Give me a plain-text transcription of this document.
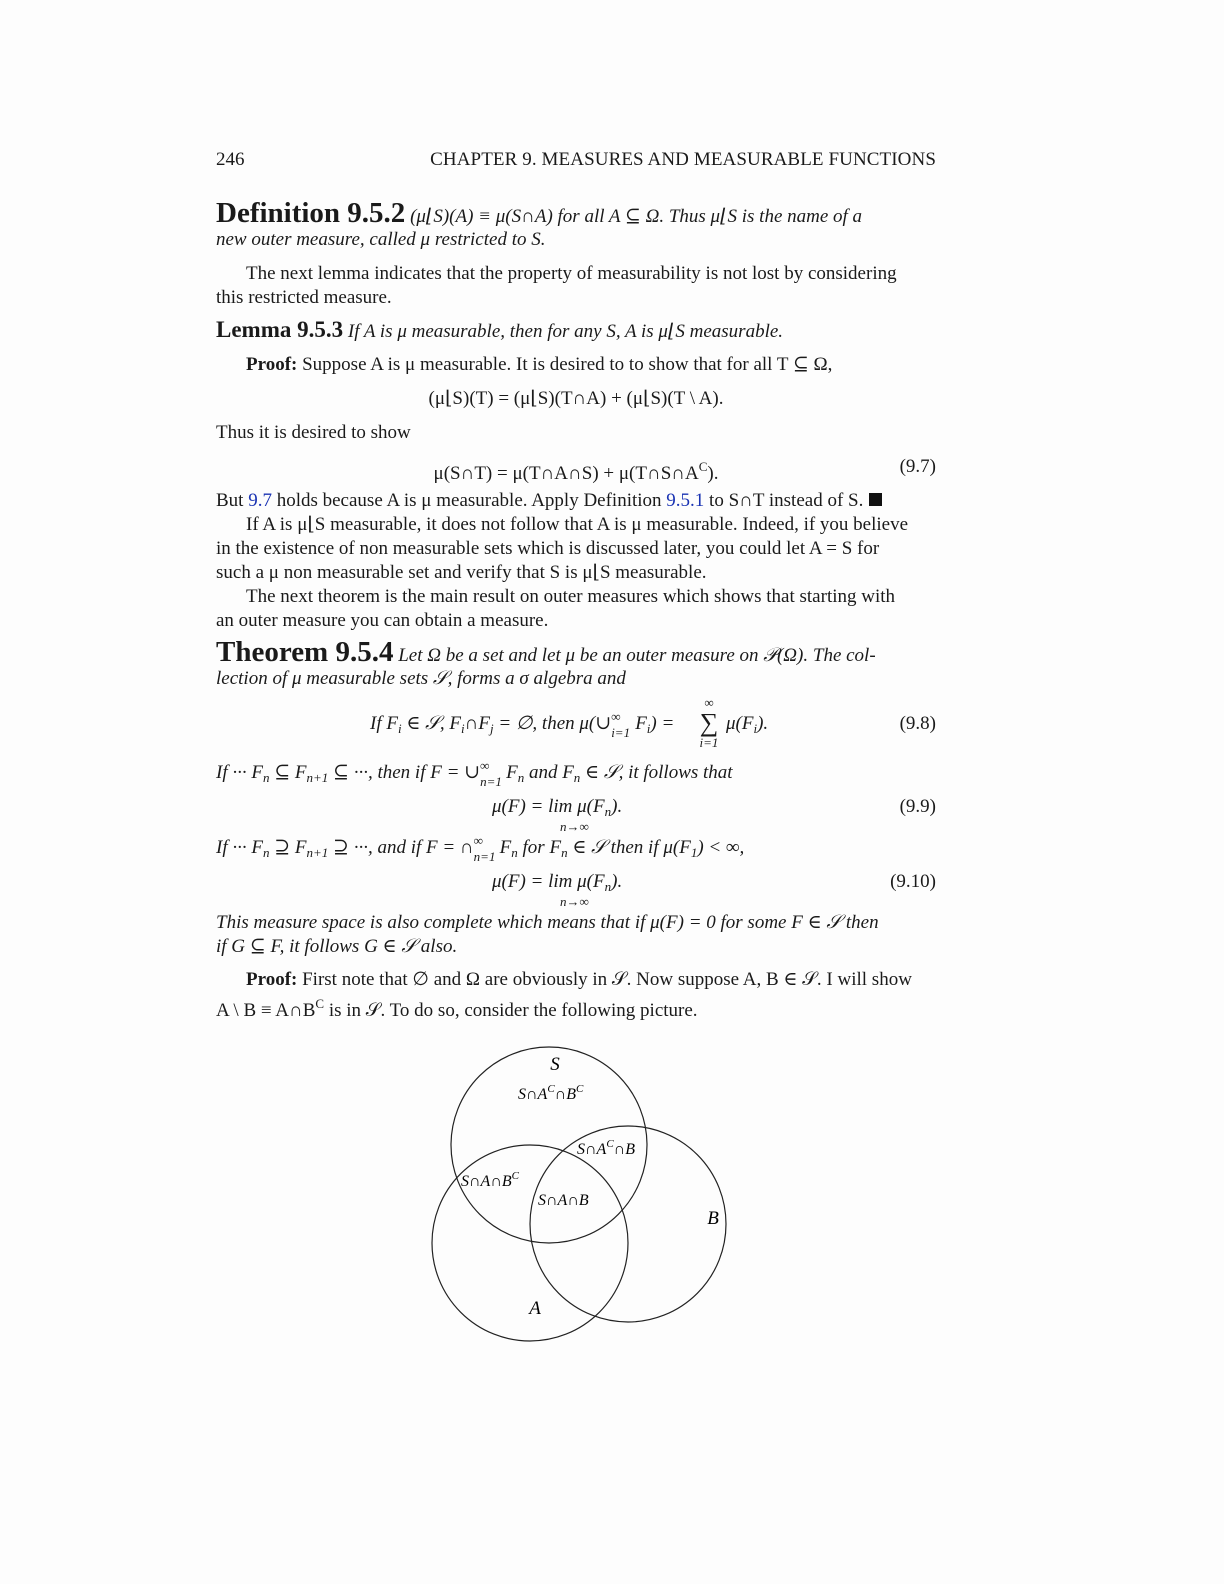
246	CHAPTER 9. MEASURES AND MEASURABLE FUNCTIONS

Definition 9.5.2 (μ⌊S)(A) ≡ μ(S∩A) for all A ⊆ Ω. Thus μ⌊S is the name of a

new outer measure, called μ restricted to S.

The next lemma indicates that the property of measurability is not lost by considering

this restricted measure.

Lemma 9.5.3 If A is μ measurable, then for any S, A is μ⌊S measurable.

Proof: Suppose A is μ measurable. It is desired to to show that for all T ⊆ Ω,

(μ⌊S)(T) = (μ⌊S)(T∩A) + (μ⌊S)(T \ A).

Thus it is desired to show

μ(S∩T) = μ(T∩A∩S) + $\mu(T\cap S\cap A^C)$.	(9.7)

But 9.7 holds because A is μ measurable. Apply Definition 9.5.1 to S∩T instead of S.

If A is μ⌊S measurable, it does not follow that A is μ measurable. Indeed, if you believe

in the existence of non measurable sets which is discussed later, you could let A = S for

such a μ non measurable set and verify that S is μ⌊S measurable.

The next theorem is the main result on outer measures which shows that starting with

an outer measure you can obtain a measure.

Theorem 9.5.4 Let Ω be a set and let μ be an outer measure on 𝒫(Ω). The col-

lection of μ measurable sets 𝒮, forms a σ algebra and

If $F_i$ ∈ 𝒮, $F_i\cap F_j$ = ∅, then μ(∪ ∞
i=1 $F_i$) =
∞
∑
i=1
$\mu(F_i)$.	(9.8)

If ··· $F_n$ ⊆ $F_{n+1}$ ⊆ ···, then if F = ∪ ∞
n=1 $F_n$ and $F_n$ ∈ 𝒮, it follows that

$\mu(F) = \lim \mu(F_n)$.
n→∞
(9.9)

If ··· $F_n$ ⊇ $F_{n+1}$ ⊇ ···, and if F = ∩ ∞
n=1 $F_n$ for $F_n$ ∈ 𝒮 then if $\mu(F_1)$ < ∞,

$\mu(F) = \lim \mu(F_n)$.
n→∞
(9.10)

This measure space is also complete which means that if μ(F) = 0 for some F ∈ 𝒮 then

if G ⊆ F, it follows G ∈ 𝒮 also.

Proof: First note that ∅ and Ω are obviously in 𝒮. Now suppose A, B ∈ 𝒮. I will show

A \ $B \equiv A\cap B^C$ is in 𝒮. To do so, consider the following picture.

S
A
B
$S\cap A^C\cap B^C$
$S\cap A^C\cap B$
$S\cap A\cap B^C$
S∩A∩B
